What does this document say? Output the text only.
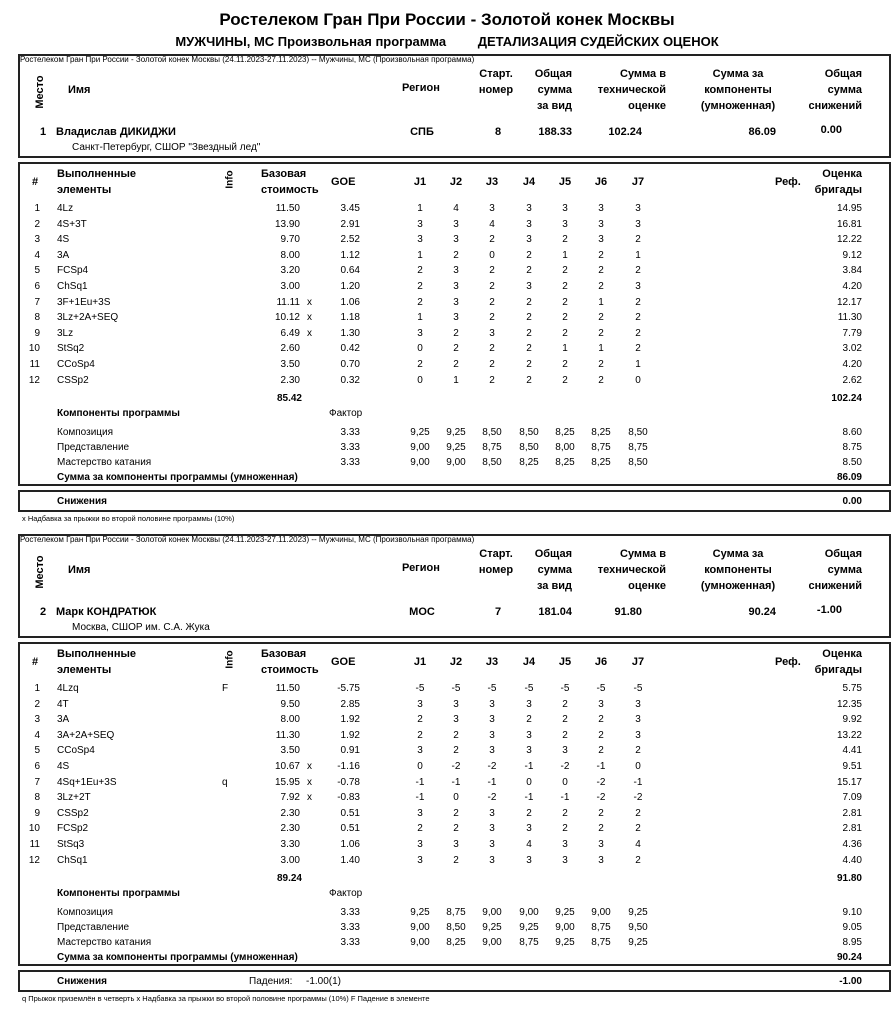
Ростелеком Гран При России - Золотой конек Москвы
МУЖЧИНЫ, МС Произвольная программа ДЕТАЛИЗАЦИЯ СУДЕЙСКИХ ОЦЕНОК
Ростелеком Гран При России - Золотой конек Москвы (24.11.2023-27.11.2023) -- Мужчины, МС (Произвольная программа)
Место Имя	Регион
Старт.
номер
Общая
сумма
за вид
Сумма в
технической
оценке
Сумма за
компоненты
(умноженная)
Общая
сумма
снижений
1 Владислав ДИКИДЖИ
Санкт-Петербург, СШОР "Звездный лед"
СПБ	8	188.33	102.24	86.09	0.00
#
Выполненные
элементы
Info Базовая
стоимость
GOE	J1	J2	J3	J4	J5	J6	J7	Реф.
Оценка
бригады
1 4Lz	11.50	3.45	1	4	3	3	3	3	3	14.95
2 4S+3T	13.90	2.91	3	3	4	3	3	3	3	16.81
3 4S	9.70	2.52	3	3	2	3	2	3	2	12.22
4 3A	8.00	1.12	1	2	0	2	1	2	1	9.12
5 FCSp4	3.20	0.64	2	3	2	2	2	2	2	3.84
6 ChSq1	3.00	1.20	2	3	2	3	2	2	3	4.20
7 3F+1Eu+3S	11.11 x	1.06	2	3	2	2	2	1	2	12.17
8 3Lz+2A+SEQ	10.12 x	1.18	1	3	2	2	2	2	2	11.30
9 3Lz	6.49 x	1.30	3	2	3	2	2	2	2	7.79
10 StSq2	2.60	0.42	0	2	2	2	1	1	2	3.02
11 CCoSp4	3.50	0.70	2	2	2	2	2	2	1	4.20
12 CSSp2	2.30	0.32	0	1	2	2	2	2	0	2.62
85.42	102.24
Компоненты программы	Фактор
Композиция	3.33	9,25	9,25	8,50	8,50	8,25	8,25	8,50	8.60
Представление	3.33	9,00	9,25	8,75	8,50	8,00	8,75	8,75	8.75
Мастерство катания	3.33	9,00	9,00	8,50	8,25	8,25	8,25	8,50	8.50
Сумма за компоненты программы (умноженная)	86.09
Снижения	0.00
x Надбавка за прыжки во второй половине программы (10%)
Ростелеком Гран При России - Золотой конек Москвы (24.11.2023-27.11.2023) -- Мужчины, МС (Произвольная программа)
Место Имя	Регион
Старт.
номер
Общая
сумма
за вид
Сумма в
технической
оценке
Сумма за
компоненты
(умноженная)
Общая
сумма
снижений
2 Марк КОНДРАТЮК
Москва, СШОР им. С.А. Жука
МОС	7	181.04	91.80	90.24	-1.00
#
Выполненные
элементы
Info Базовая
стоимость
GOE	J1	J2	J3	J4	J5	J6	J7	Реф.
Оценка
бригады
1 4Lzq	F	11.50	-5.75	-5	-5	-5	-5	-5	-5	-5	5.75
2 4T	9.50	2.85	3	3	3	3	2	3	3	12.35
3 3A	8.00	1.92	2	3	3	2	2	2	3	9.92
4 3A+2A+SEQ	11.30	1.92	2	2	3	3	2	2	3	13.22
5 CCoSp4	3.50	0.91	3	2	3	3	3	2	2	4.41
6 4S	10.67 x	-1.16	0	-2	-2	-1	-2	-1	0	9.51
7 4Sq+1Eu+3S	q	15.95 x	-0.78	-1	-1	-1	0	0	-2	-1	15.17
8 3Lz+2T	7.92 x	-0.83	-1	0	-2	-1	-1	-2	-2	7.09
9 CSSp2	2.30	0.51	3	2	3	2	2	2	2	2.81
10 FCSp2	2.30	0.51	2	2	3	3	2	2	2	2.81
11 StSq3	3.30	1.06	3	3	3	4	3	3	4	4.36
12 ChSq1	3.00	1.40	3	2	3	3	3	3	2	4.40
89.24	91.80
Компоненты программы	Фактор
Композиция	3.33	9,25	8,75	9,00	9,00	9,25	9,00	9,25	9.10
Представление	3.33	9,00	8,50	9,25	9,25	9,00	8,75	9,50	9.05
Мастерство катания	3.33	9,00	8,25	9,00	8,75	9,25	8,75	9,25	8.95
Сумма за компоненты программы (умноженная)	90.24
Снижения	Падения: -1.00(1)	-1.00
q Прыжок приземлён в четверть x Надбавка за прыжки во второй половине программы (10%) F Падение в элементе
